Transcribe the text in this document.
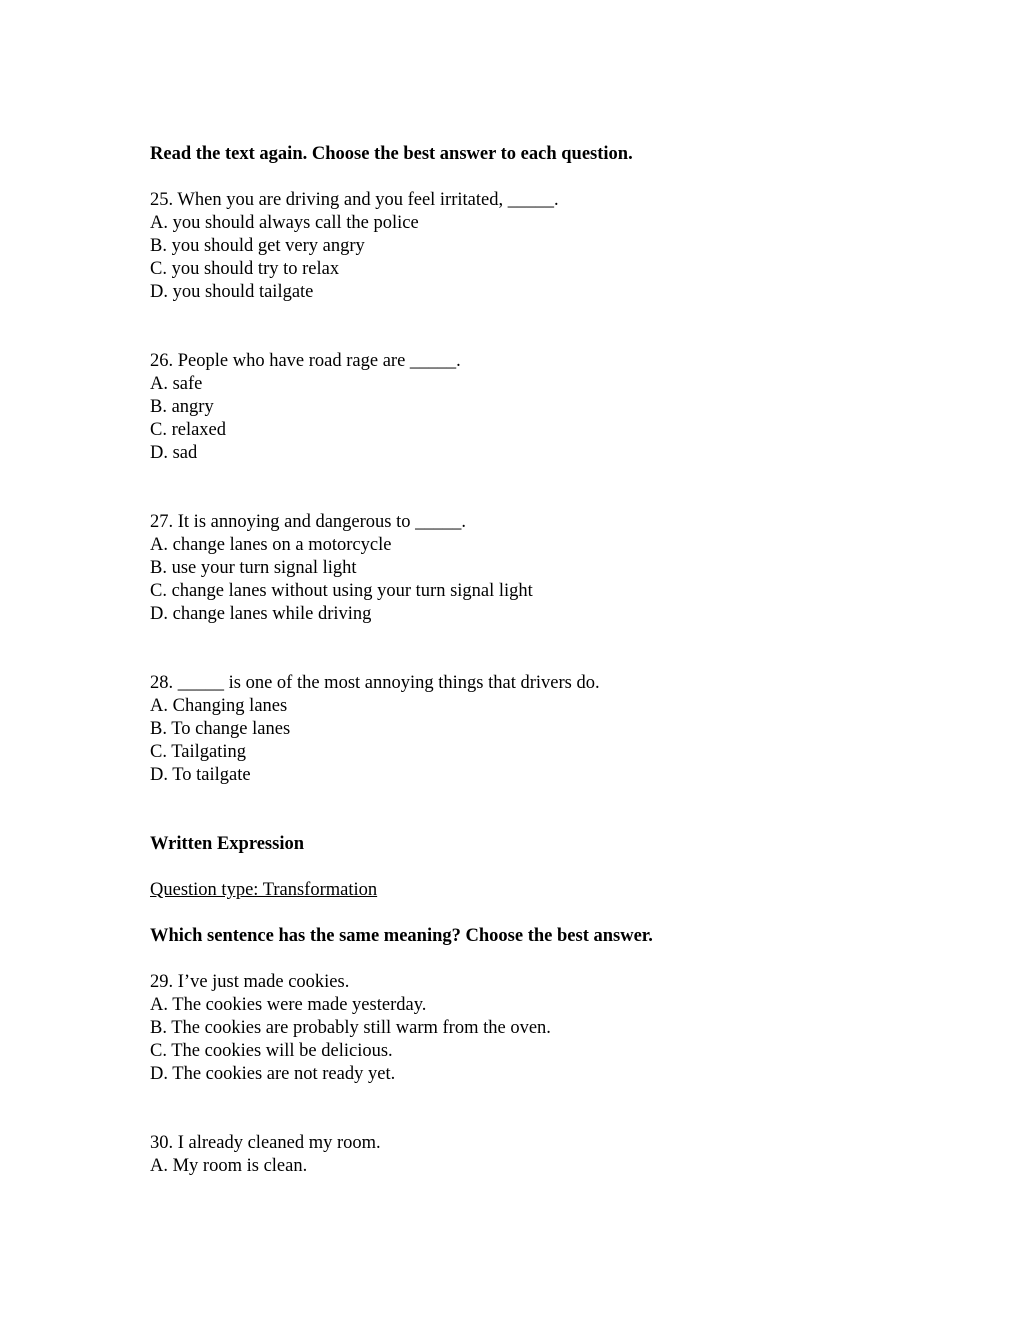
Read the text again. Choose the best answer to each question.
25. When you are driving and you feel irritated, _____.
A. you should always call the police
B. you should get very angry
C. you should try to relax
D. you should tailgate
26. People who have road rage are _____.
A. safe
B. angry
C. relaxed
D. sad
27. It is annoying and dangerous to _____.
A. change lanes on a motorcycle
B. use your turn signal light
C. change lanes without using your turn signal light
D. change lanes while driving
28. _____ is one of the most annoying things that drivers do.
A. Changing lanes
B. To change lanes
C. Tailgating
D. To tailgate
Written Expression
Question type: Transformation
Which sentence has the same meaning? Choose the best answer.
29. I’ve just made cookies.
A. The cookies were made yesterday.
B. The cookies are probably still warm from the oven.
C. The cookies will be delicious.
D. The cookies are not ready yet.
30. I already cleaned my room.
A. My room is clean.
